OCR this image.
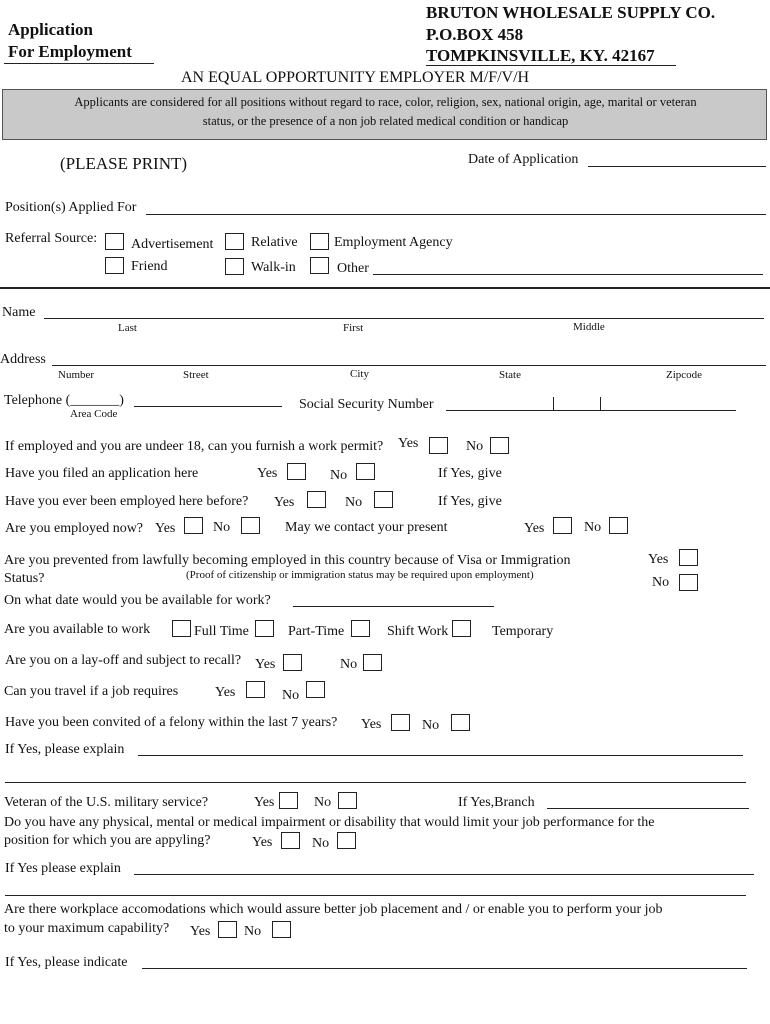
Application
For Employment
BRUTON WHOLESALE SUPPLY CO.
P.O.BOX 458
TOMPKINSVILLE, KY. 42167
AN EQUAL OPPORTUNITY EMPLOYER M/F/V/H
Applicants are considered for all positions without regard to race, color, religion, sex, national origin, age, marital or veteran
status, or the presence of a non job related medical condition or handicap
(PLEASE PRINT)	Date of Application
Position(s) Applied For
Referral Source: Advertisement	Relative	Employment Agency
Friend	Walk-in	Other
Name
Last	First	Middle
Address
Number	Street	City	State	Zipcode
Telephone (_______)
Area Code
Social Security Number
If employed and you are undeer 18, can you furnish a work permit? Yes	No
Have you filed an application here	Yes	No	If Yes, give
Have you ever been employed here before? Yes	No	If Yes, give
Are you employed now? Yes	No	May we contact your present	Yes	No
Are you prevented from lawfully becoming employed in this country because of Visa or Immigration
Status?	(Proof of citizenship or immigration status may be required upon employment)
Yes
No
On what date would you be available for work?
Are you available to work	Full Time	Part-Time	Shift Work	Temporary
Are you on a lay-off and subject to recall? Yes	No
Can you travel if a job requires	Yes	No
Have you been convited of a felony within the last 7 years? Yes	No
If Yes, please explain
Veteran of the U.S. military service?	Yes	No	If Yes,Branch
Do you have any physical, mental or medical impairment or disability that would limit your job performance for the
position for which you are appyling?	Yes	No
If Yes please explain
Are there workplace accomodations which would assure better job placement and / or enable you to perform your job
to your maximum capability? Yes No
If Yes, please indicate
